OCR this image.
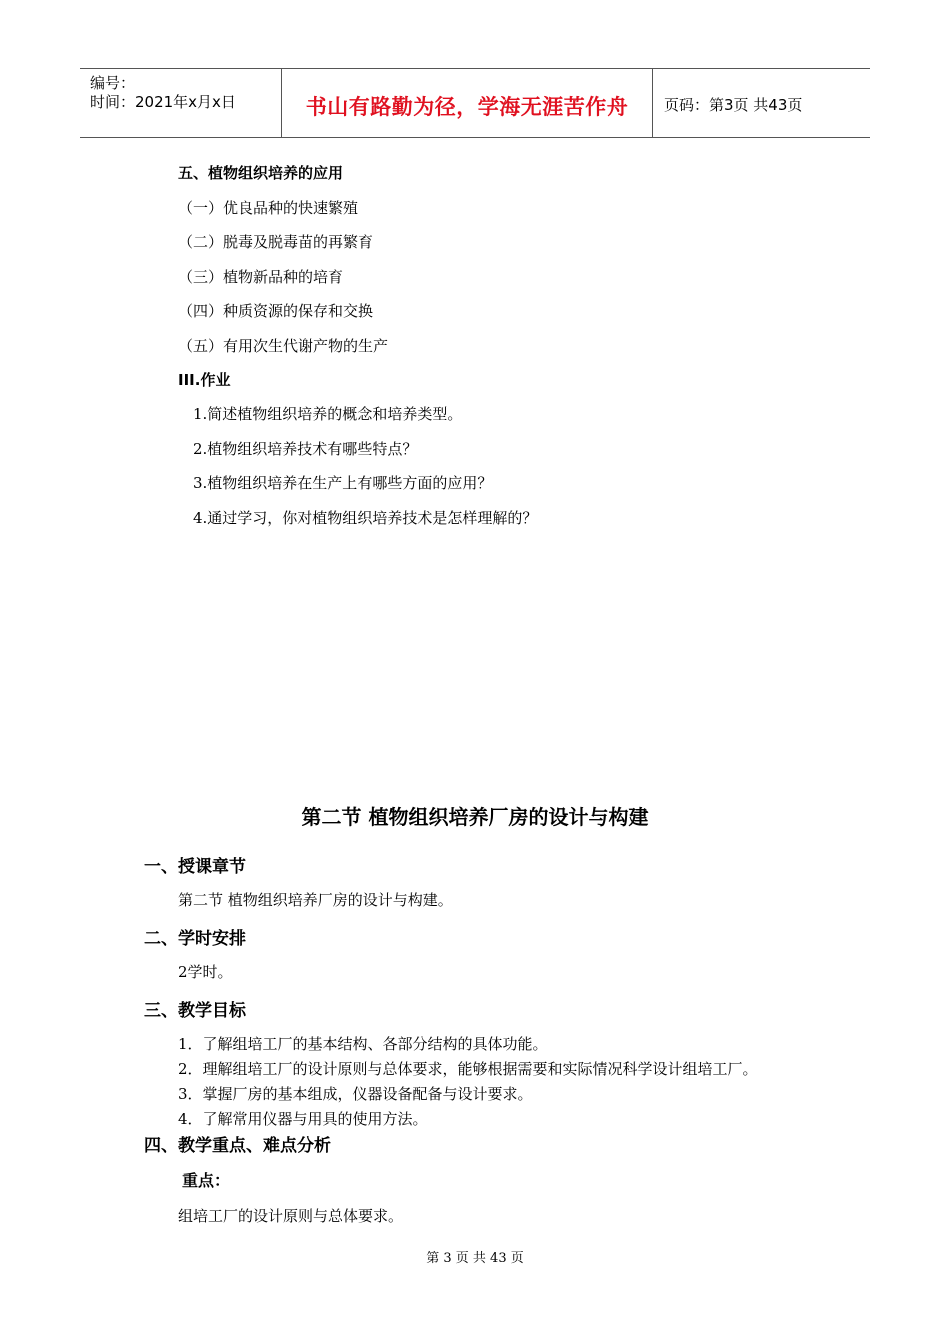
编号：
时间：2021年x月x日	书山有路勤为径，学海无涯苦作舟	页码：第3页 共43页
五、植物组织培养的应用
（一）优良品种的快速繁殖
（二）脱毒及脱毒苗的再繁育
（三）植物新品种的培育
（四）种质资源的保存和交换
（五）有用次生代谢产物的生产
III.作业
1.简述植物组织培养的概念和培养类型。
2.植物组织培养技术有哪些特点？
3.植物组织培养在生产上有哪些方面的应用？
4.通过学习，你对植物组织培养技术是怎样理解的？
第二节 植物组织培养厂房的设计与构建
一、授课章节
第二节 植物组织培养厂房的设计与构建。
二、学时安排
2学时。
三、教学目标
1．了解组培工厂的基本结构、各部分结构的具体功能。
2．理解组培工厂的设计原则与总体要求，能够根据需要和实际情况科学设计组培工厂。
3．掌握厂房的基本组成，仪器设备配备与设计要求。
4．了解常用仪器与用具的使用方法。
四、教学重点、难点分析
重点：
组培工厂的设计原则与总体要求。
第 3 页 共 43 页
